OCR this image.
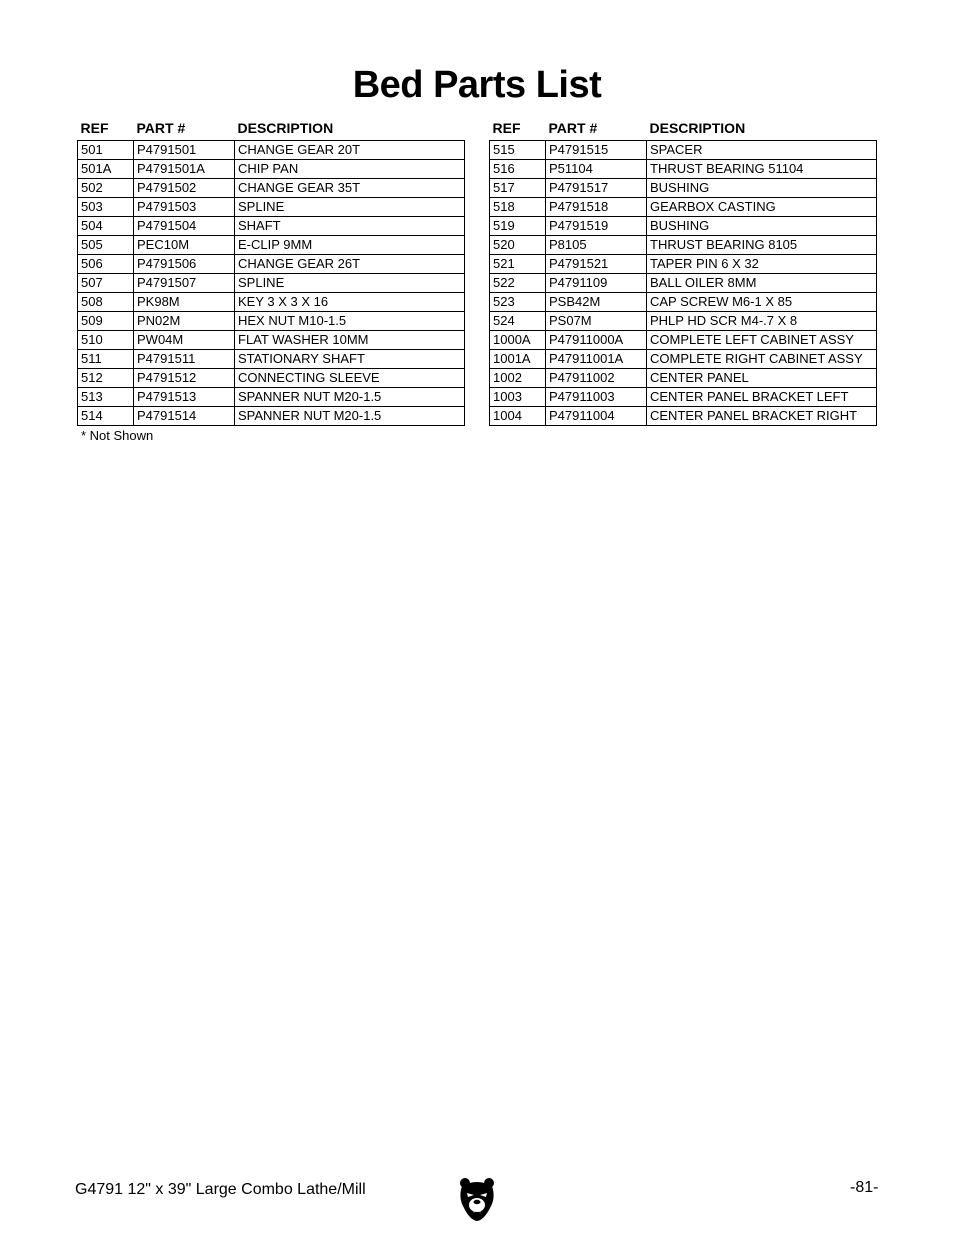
Bed Parts List
REF	PART #	DESCRIPTION
501	P4791501	CHANGE GEAR 20T
501A	P4791501A	CHIP PAN
502	P4791502	CHANGE GEAR 35T
503	P4791503	SPLINE
504	P4791504	SHAFT
505	PEC10M	E-CLIP 9MM
506	P4791506	CHANGE GEAR 26T
507	P4791507	SPLINE
508	PK98M	KEY 3 X 3 X 16
509	PN02M	HEX NUT M10-1.5
510	PW04M	FLAT WASHER 10MM
511	P4791511	STATIONARY SHAFT
512	P4791512	CONNECTING SLEEVE
513	P4791513	SPANNER NUT M20-1.5
514	P4791514	SPANNER NUT M20-1.5
REF	PART #	DESCRIPTION
515	P4791515	SPACER
516	P51104	THRUST BEARING 51104
517	P4791517	BUSHING
518	P4791518	GEARBOX CASTING
519	P4791519	BUSHING
520	P8105	THRUST BEARING 8105
521	P4791521	TAPER PIN 6 X 32
522	P4791109	BALL OILER 8MM
523	PSB42M	CAP SCREW M6-1 X 85
524	PS07M	PHLP HD SCR M4-.7 X 8
1000A	P47911000A	COMPLETE LEFT CABINET ASSY
1001A	P47911001A	COMPLETE RIGHT CABINET ASSY
1002	P47911002	CENTER PANEL
1003	P47911003	CENTER PANEL BRACKET LEFT
1004	P47911004	CENTER PANEL BRACKET RIGHT
* Not Shown
G4791 12" x 39" Large Combo Lathe/Mill	-81-
